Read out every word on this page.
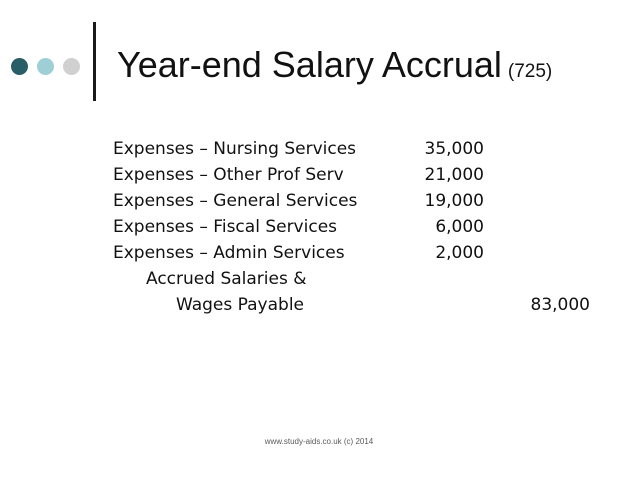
Year-end Salary Accrual (725)
Expenses – Nursing Services	35,000
Expenses – Other Prof Serv	21,000
Expenses – General Services	19,000
Expenses – Fiscal Services	6,000
Expenses – Admin Services	2,000
Accrued Salaries &
Wages Payable	83,000
www.study-aids.co.uk (c) 2014
